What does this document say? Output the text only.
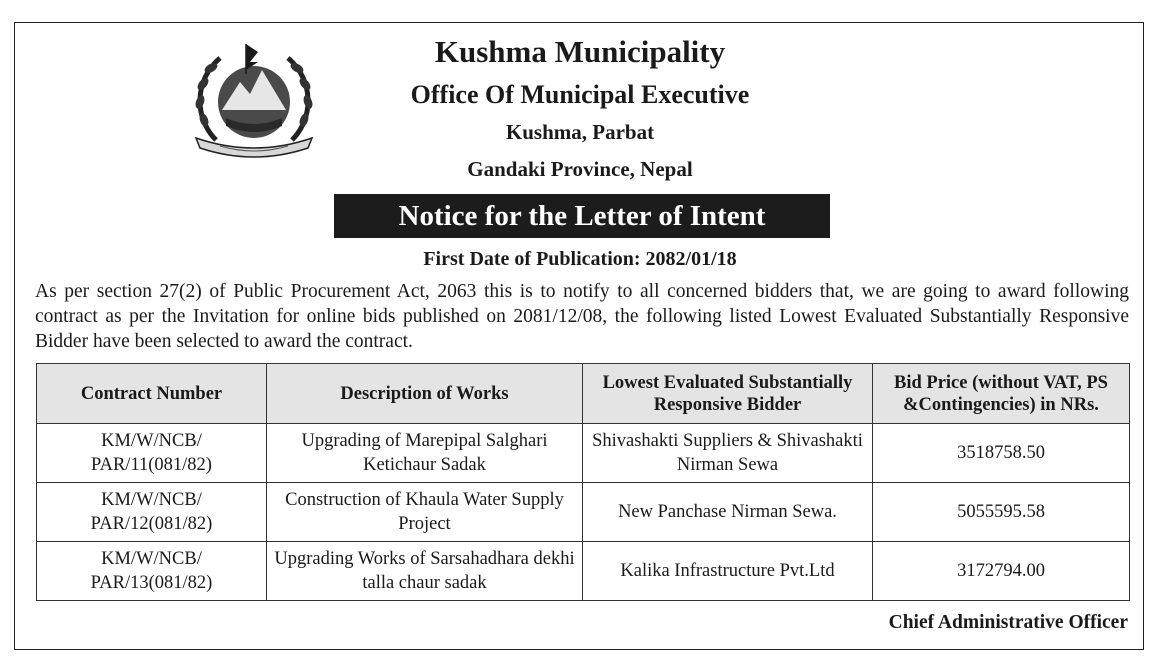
Kushma Municipality
Office Of Municipal Executive
Kushma, Parbat
Gandaki Province, Nepal
Notice for the Letter of Intent
First Date of Publication: 2082/01/18
As per section 27(2) of Public Procurement Act, 2063 this is to notify to all concerned bidders that, we are going to award following contract as per the Invitation for online bids published on 2081/12/08, the following listed Lowest Evaluated Substantially Responsive Bidder have been selected to award the contract.
Contract Number	Description of Works	Lowest Evaluated Substantially Responsive Bidder	Bid Price (without VAT, PS &Contingencies) in NRs.
KM/W/NCB/ PAR/11(081/82)	Upgrading of Marepipal Salghari Ketichaur Sadak	Shivashakti Suppliers & Shivashakti Nirman Sewa	3518758.50
KM/W/NCB/ PAR/12(081/82)	Construction of Khaula Water Supply Project	New Panchase Nirman Sewa.	5055595.58
KM/W/NCB/ PAR/13(081/82)	Upgrading Works of Sarsahadhara dekhi talla chaur sadak	Kalika Infrastructure Pvt.Ltd	3172794.00
Chief Administrative Officer
